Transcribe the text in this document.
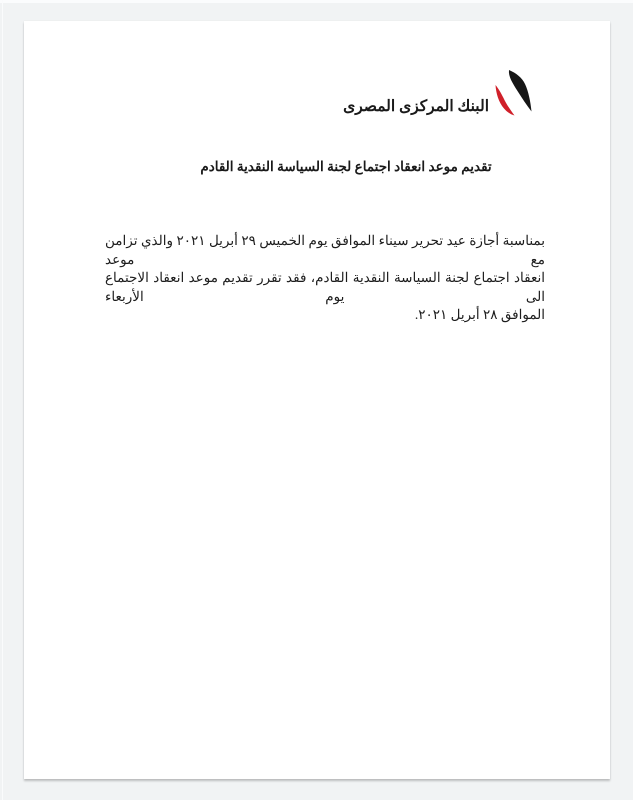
البنك المركزى المصرى
تقديم موعد انعقاد اجتماع لجنة السياسة النقدية القادم
بمناسبة أجازة عيد تحرير سيناء الموافق يوم الخميس ٢٩ أبريل ٢٠٢١ والذي تزامن مع موعد
انعقاد اجتماع لجنة السياسة النقدية القادم، فقد تقرر تقديم موعد انعقاد الاجتماع الى يوم الأربعاء
الموافق ٢٨ أبريل ٢٠٢١.
